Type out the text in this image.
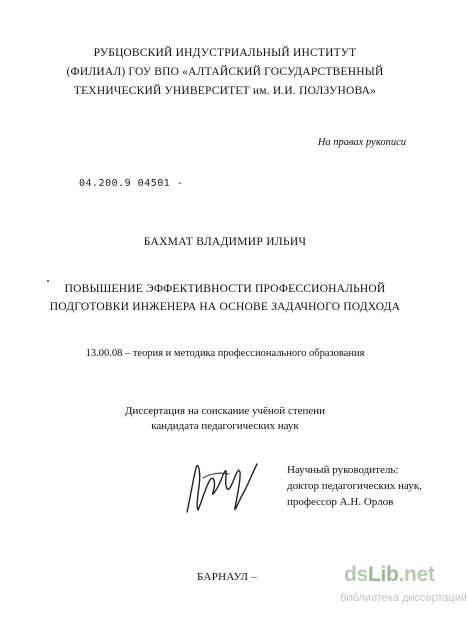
РУБЦОВСКИЙ ИНДУСТРИАЛЬНЫЙ ИНСТИТУТ
(ФИЛИАЛ) ГОУ ВПО «АЛТАЙСКИЙ ГОСУДАРСТВЕННЫЙ
ТЕХНИЧЕСКИЙ УНИВЕРСИТЕТ им. И.И. ПОЛЗУНОВА»
На правах рукописи
04.200.9 04501 -
БАХМАТ ВЛАДИМИР ИЛЬИЧ
ПОВЫШЕНИЕ ЭФФЕКТИВНОСТИ ПРОФЕССИОНАЛЬНОЙ
ПОДГОТОВКИ ИНЖЕНЕРА НА ОСНОВЕ ЗАДАЧНОГО ПОДХОДА
13.00.08 – теория и методика профессионального образования
Диссертация на соискание учёной степени
кандидата педагогических наук
Научный руководитель:
доктор педагогических наук,
профессор А.Н. Орлов
БАРНАУЛ –	dsLib.net
библиотека диссертаций
